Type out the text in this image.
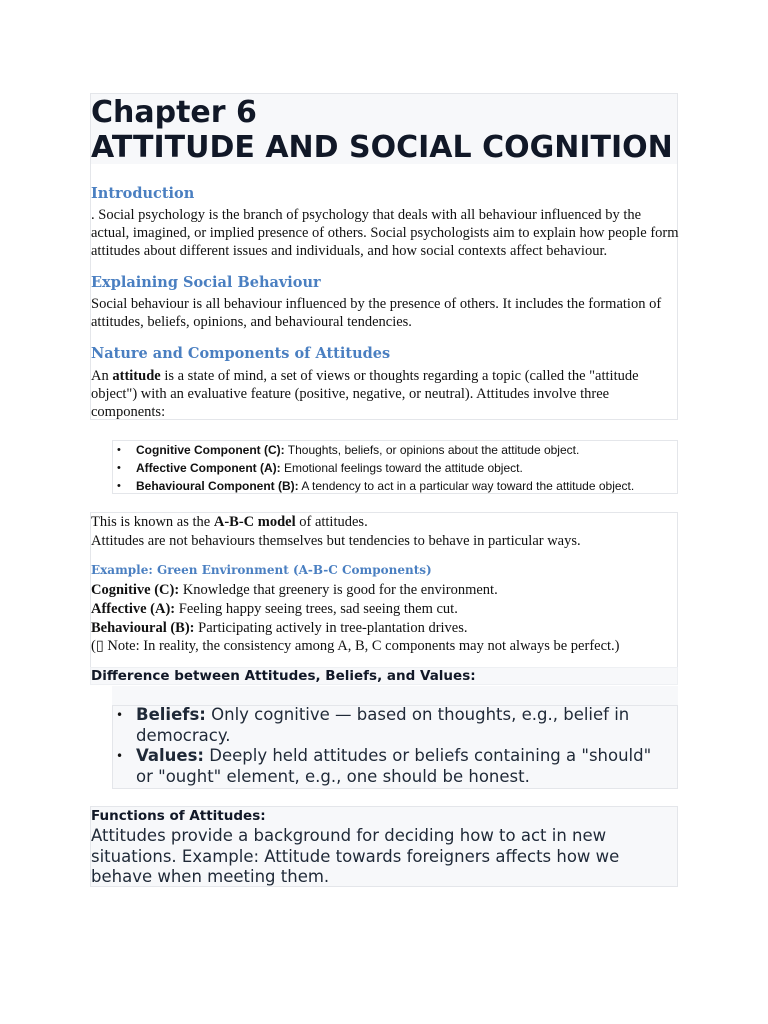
Chapter 6
ATTITUDE AND SOCIAL COGNITION
Introduction

. Social psychology is the branch of psychology that deals with all behaviour influenced by the actual, imagined, or implied presence of others. Social psychologists aim to explain how people form attitudes about different issues and individuals, and how social contexts affect behaviour.

Explaining Social Behaviour

Social behaviour is all behaviour influenced by the presence of others. It includes the formation of attitudes, beliefs, opinions, and behavioural tendencies.

Nature and Components of Attitudes

An attitude is a state of mind, a set of views or thoughts regarding a topic (called the "attitude object") with an evaluative feature (positive, negative, or neutral). Attitudes involve three components:

• Cognitive Component (C): Thoughts, beliefs, or opinions about the attitude object.
• Affective Component (A): Emotional feelings toward the attitude object.
• Behavioural Component (B): A tendency to act in a particular way toward the attitude object.
This is known as the A-B-C model of attitudes.
Attitudes are not behaviours themselves but tendencies to behave in particular ways.
Example: Green Environment (A-B-C Components)
Cognitive (C): Knowledge that greenery is good for the environment.
Affective (A): Feeling happy seeing trees, sad seeing them cut.
Behavioural (B): Participating actively in tree-plantation drives.
(▯ Note: In reality, the consistency among A, B, C components may not always be perfect.)
Difference between Attitudes, Beliefs, and Values:
• Beliefs: Only cognitive — based on thoughts, e.g., belief in democracy.
• Values: Deeply held attitudes or beliefs containing a "should" or "ought" element, e.g., one should be honest.
Functions of Attitudes:
Attitudes provide a background for deciding how to act in new situations. Example: Attitude towards foreigners affects how we behave when meeting them.
